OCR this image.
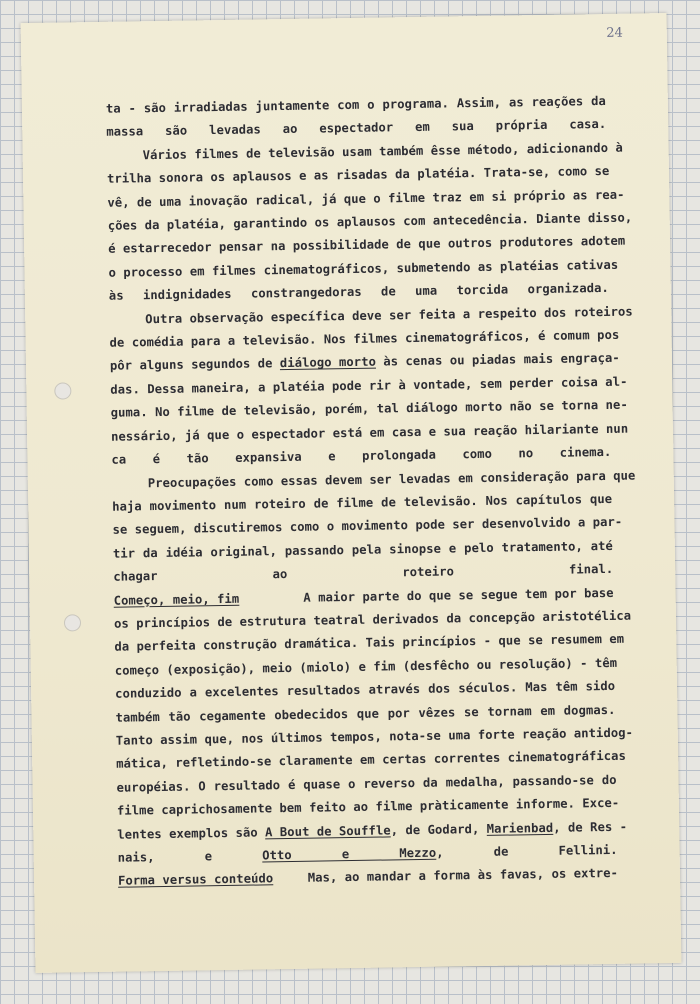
24
ta - são irradiadas juntamente com o programa. Assim, as reações da
massa são levadas ao espectador em sua própria casa.
Vários filmes de televisão usam também êsse método, adicionando à
trilha sonora os aplausos e as risadas da platéia. Trata-se, como se
vê, de uma inovação radical, já que o filme traz em si próprio as rea-
ções da platéia, garantindo os aplausos com antecedência. Diante disso,
é estarrecedor pensar na possibilidade de que outros produtores adotem
o processo em filmes cinematográficos, submetendo as platéias cativas
às indignidades constrangedoras de uma torcida organizada.
Outra observação específica deve ser feita a respeito dos roteiros
de comédia para a televisão. Nos filmes cinematográficos, é comum pos
pôr alguns segundos de diálogo morto às cenas ou piadas mais engraça-
das. Dessa maneira, a platéia pode rir à vontade, sem perder coisa al-
guma. No filme de televisão, porém, tal diálogo morto não se torna ne-
nessário, já que o espectador está em casa e sua reação hilariante nun
ca é tão expansiva e prolongada como no cinema.
Preocupações como essas devem ser levadas em consideração para que
haja movimento num roteiro de filme de televisão. Nos capítulos que
se seguem, discutiremos como o movimento pode ser desenvolvido a par-
tir da idéia original, passando pela sinopse e pelo tratamento, até
chagar ao roteiro final.
Começo, meio, fim	A maior parte do que se segue tem por base
os princípios de estrutura teatral derivados da concepção aristotélica
da perfeita construção dramática. Tais princípios - que se resumem em
começo (exposição), meio (miolo) e fim (desfêcho ou resolução) - têm
conduzido a excelentes resultados através dos séculos. Mas têm sido
também tão cegamente obedecidos que por vêzes se tornam em dogmas.
Tanto assim que, nos últimos tempos, nota-se uma forte reação antidog-
mática, refletindo-se claramente em certas correntes cinematográficas
européias. O resultado é quase o reverso da medalha, passando-se do
filme caprichosamente bem feito ao filme pràticamente informe. Exce-
lentes exemplos são A Bout de Souffle, de Godard, Marienbad, de Res -
nais, e	Otto e Mezzo, de Fellini.
Forma versus conteúdo	Mas, ao mandar a forma às favas, os extre-
